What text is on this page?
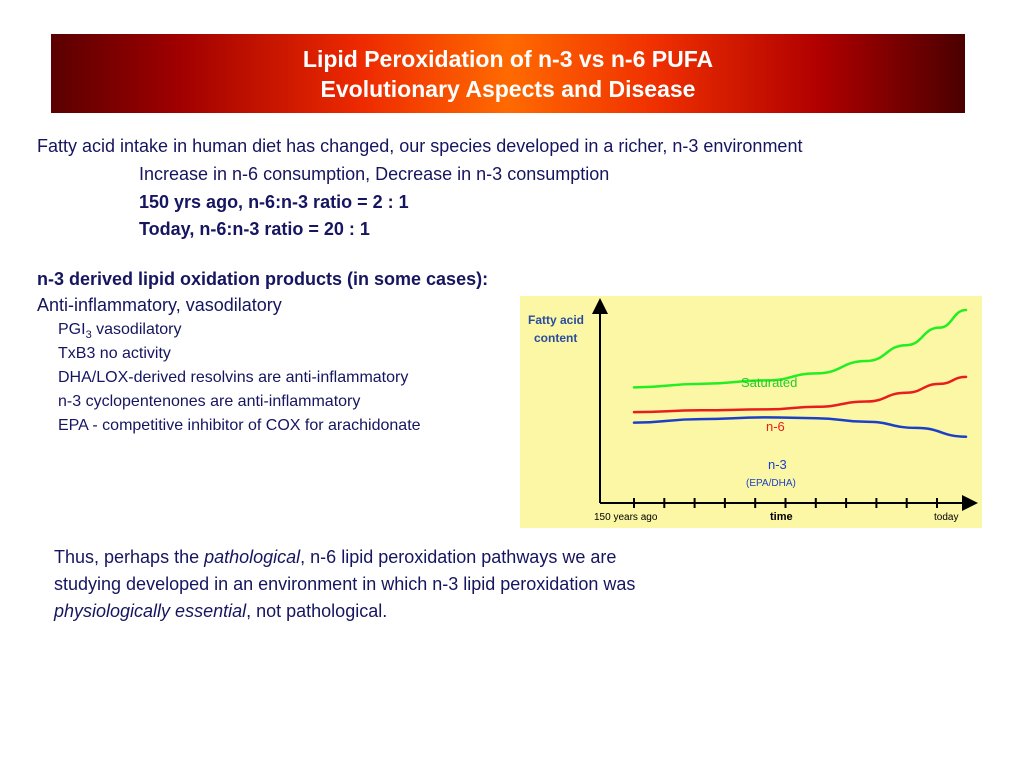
Lipid Peroxidation of n-3 vs n-6 PUFA
Evolutionary Aspects and Disease
Fatty acid intake in human diet has changed, our species developed in a richer, n-3 environment
Increase in n-6 consumption, Decrease in n-3 consumption
150 yrs ago, n-6:n-3 ratio = 2 : 1
Today, n-6:n-3 ratio = 20 : 1
n-3 derived lipid oxidation products (in some cases):
Anti-inflammatory, vasodilatory
$PGI_3$ vasodilatory
TxB3 no activity
DHA/LOX-derived resolvins are anti-inflammatory
n-3 cyclopentenones are anti-inflammatory
EPA - competitive inhibitor of COX for arachidonate
Fatty acid
content
Saturated
n-6
n-3
(EPA/DHA)
150 years ago	today
time
Thus, perhaps the pathological, n-6 lipid peroxidation pathways we are
studying developed in an environment in which n-3 lipid peroxidation was
physiologically essential, not pathological.
